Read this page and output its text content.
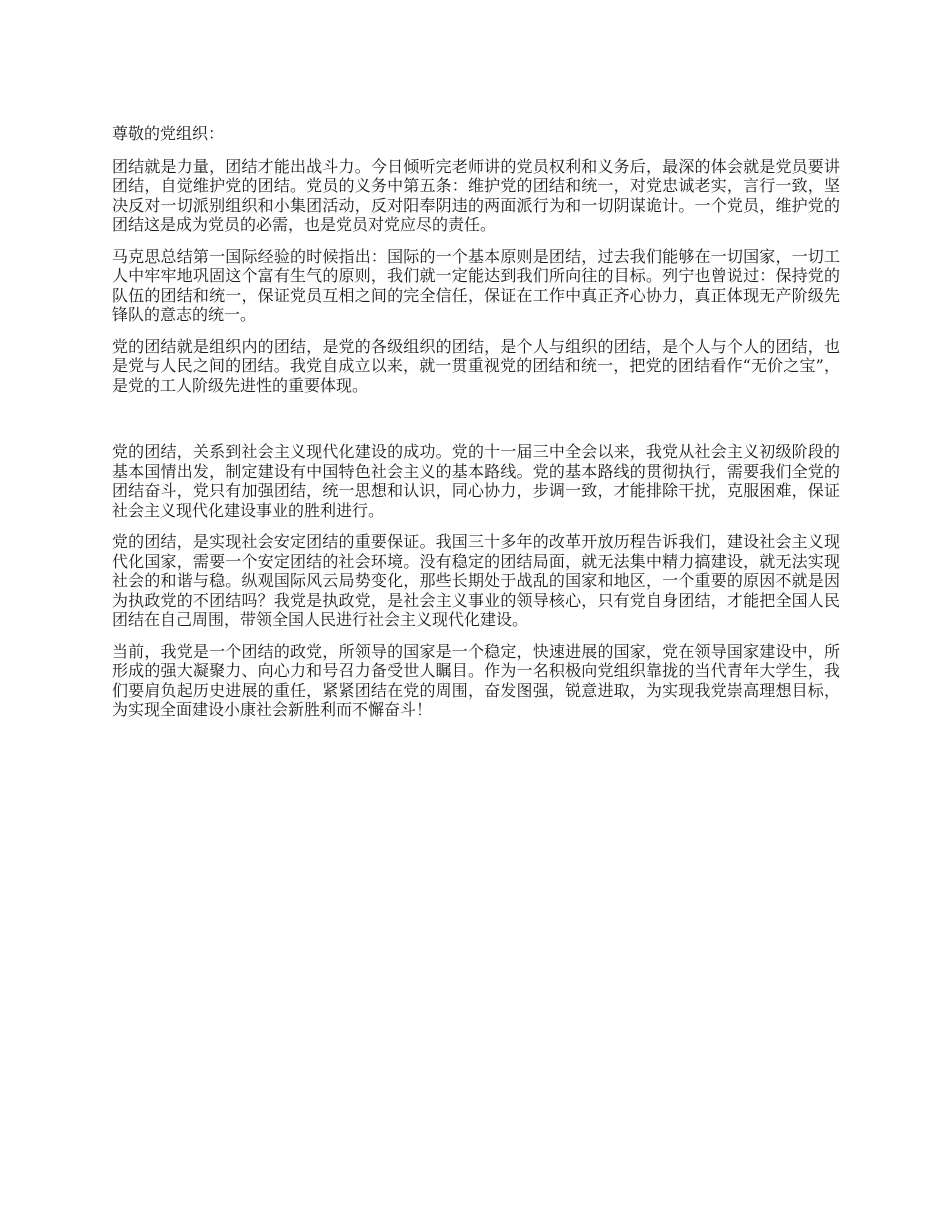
尊敬的党组织：

团结就是力量，团结才能出战斗力。今日倾听完老师讲的党员权利和义务后，最深的体会就是党员要讲团结，自觉维护党的团结。党员的义务中第五条：维护党的团结和统一，对党忠诚老实，言行一致，坚决反对一切派别组织和小集团活动，反对阳奉阴违的两面派行为和一切阴谋诡计。一个党员，维护党的团结这是成为党员的必需，也是党员对党应尽的责任。

马克思总结第一国际经验的时候指出：国际的一个基本原则是团结，过去我们能够在一切国家，一切工人中牢牢地巩固这个富有生气的原则，我们就一定能达到我们所向往的目标。列宁也曾说过：保持党的队伍的团结和统一，保证党员互相之间的完全信任，保证在工作中真正齐心协力，真正体现无产阶级先锋队的意志的统一。

党的团结就是组织内的团结，是党的各级组织的团结，是个人与组织的团结，是个人与个人的团结，也是党与人民之间的团结。我党自成立以来，就一贯重视党的团结和统一，把党的团结看作“无价之宝”，是党的工人阶级先进性的重要体现。

党的团结，关系到社会主义现代化建设的成功。党的十一届三中全会以来，我党从社会主义初级阶段的基本国情出发，制定建设有中国特色社会主义的基本路线。党的基本路线的贯彻执行，需要我们全党的团结奋斗，党只有加强团结，统一思想和认识，同心协力，步调一致，才能排除干扰，克服困难，保证社会主义现代化建设事业的胜利进行。

党的团结，是实现社会安定团结的重要保证。我国三十多年的改革开放历程告诉我们，建设社会主义现代化国家，需要一个安定团结的社会环境。没有稳定的团结局面，就无法集中精力搞建设，就无法实现社会的和谐与稳。纵观国际风云局势变化，那些长期处于战乱的国家和地区，一个重要的原因不就是因为执政党的不团结吗？我党是执政党，是社会主义事业的领导核心，只有党自身团结，才能把全国人民团结在自己周围，带领全国人民进行社会主义现代化建设。

当前，我党是一个团结的政党，所领导的国家是一个稳定，快速进展的国家，党在领导国家建设中，所形成的强大凝聚力、向心力和号召力备受世人瞩目。作为一名积极向党组织靠拢的当代青年大学生，我们要肩负起历史进展的重任，紧紧团结在党的周围，奋发图强，锐意进取，为实现我党崇高理想目标，为实现全面建设小康社会新胜利而不懈奋斗！
